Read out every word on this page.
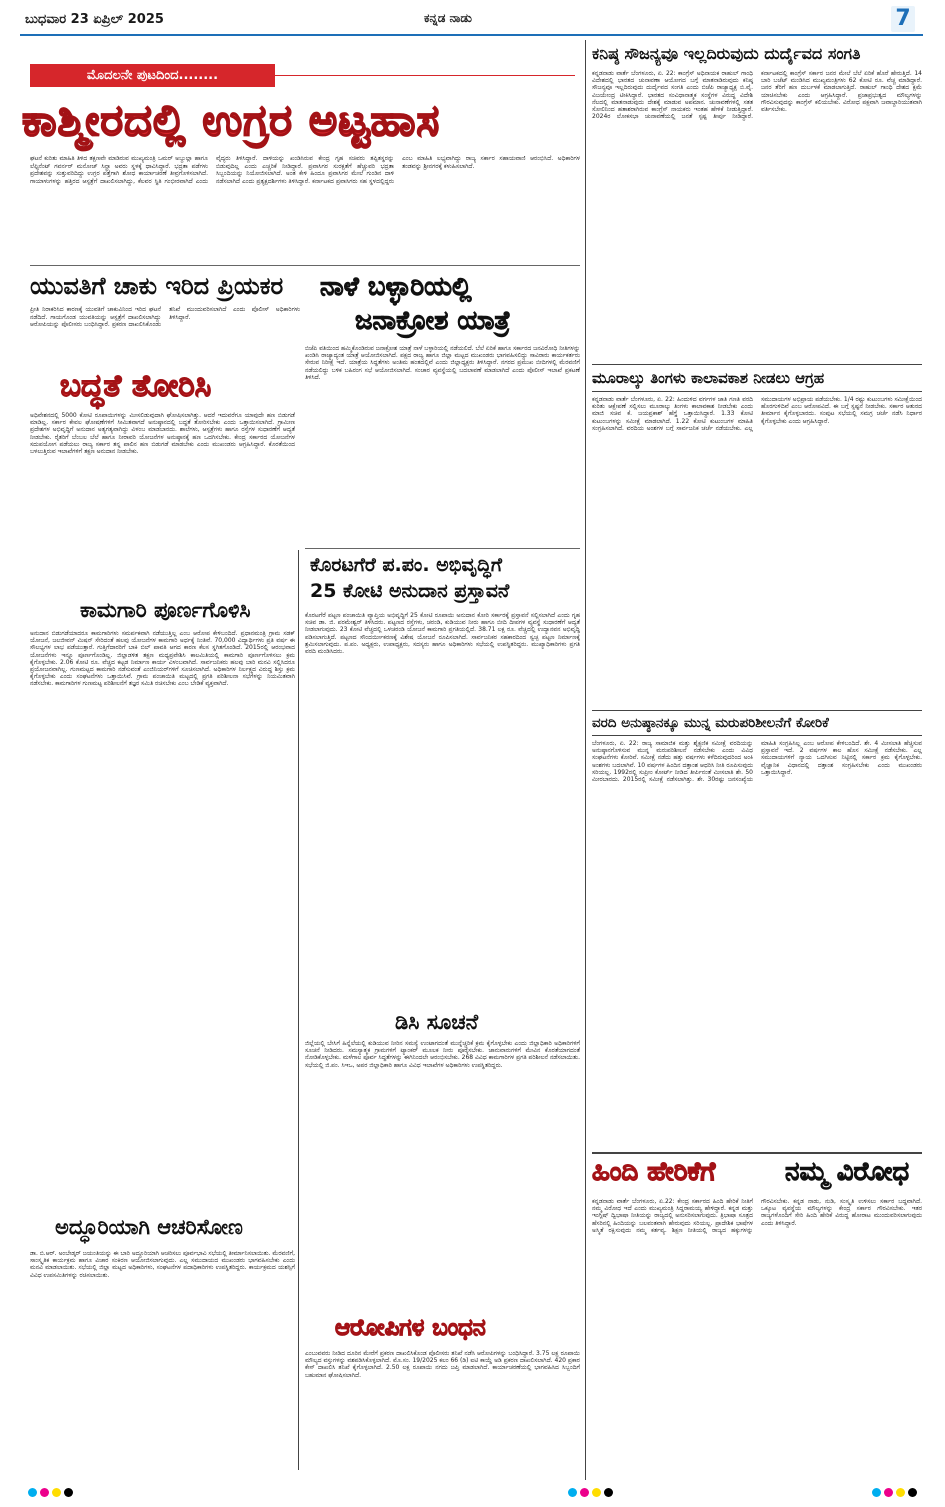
ಬುಧವಾರ 23 ಏಪ್ರಿಲ್ 2025	ಕನ್ನಡ ನಾಡು	7
ಮೊದಲನೇ ಪುಟದಿಂದ........
ಕಾಶ್ಮೀರದಲ್ಲಿ ಉಗ್ರರ ಅಟ್ಟಹಾಸ
ಘಟನೆ ಕುರಿತು ಮಾಹಿತಿ ತಿಳಿದ ತಕ್ಷಣವೇ ಮಾಡಿರುವ ಮುಖ್ಯಮಂತ್ರಿ ಒಮರ್ ಅಬ್ದುಲ್ಲಾ ಹಾಗೂ ಲೆಫ್ಟಿನೆಂಟ್ ಗವರ್ನರ್ ಮನೋಜ್ ಸಿನ್ಹಾ ಅವರು ಸ್ಥಳಕ್ಕೆ ಧಾವಿಸಿದ್ದಾರೆ. ಭದ್ರತಾ ಪಡೆಗಳು ಪ್ರದೇಶವನ್ನು ಸುತ್ತುವರಿದಿದ್ದು ಉಗ್ರರ ಪತ್ತೆಗಾಗಿ ಶೋಧ ಕಾರ್ಯಾಚರಣೆ ತೀವ್ರಗೊಳಿಸಲಾಗಿದೆ. ಗಾಯಾಳುಗಳನ್ನು ಹತ್ತಿರದ ಆಸ್ಪತ್ರೆಗೆ ದಾಖಲಿಸಲಾಗಿದ್ದು, ಕೆಲವರ ಸ್ಥಿತಿ ಗಂಭೀರವಾಗಿದೆ ಎಂದು ವೈದ್ಯರು ತಿಳಿಸಿದ್ದಾರೆ. ದಾಳಿಯನ್ನು ಖಂಡಿಸಿರುವ ಕೇಂದ್ರ ಗೃಹ ಸಚಿವರು ತಪ್ಪಿತಸ್ಥರನ್ನು ಬಿಡುವುದಿಲ್ಲ ಎಂದು ಎಚ್ಚರಿಕೆ ನೀಡಿದ್ದಾರೆ. ಪ್ರವಾಸಿಗರ ಸುರಕ್ಷತೆಗೆ ಹೆಚ್ಚುವರಿ ಭದ್ರತಾ ಸಿಬ್ಬಂದಿಯನ್ನು ನಿಯೋಜಿಸಲಾಗಿದೆ. ಅಂತ ಕೇಳಿ ಹಿಂದೂ ಪ್ರವಾಸಿಗರ ಮೇಲೆ ಗುಂಡಿನ ದಾಳಿ ನಡೆಸಲಾಗಿದೆ ಎಂದು ಪ್ರತ್ಯಕ್ಷದರ್ಶಿಗಳು ತಿಳಿಸಿದ್ದಾರೆ. ಕರ್ನಾಟಕದ ಪ್ರವಾಸಿಗರು ಸಹ ಸ್ಥಳದಲ್ಲಿದ್ದರು ಎಂಬ ಮಾಹಿತಿ ಲಭ್ಯವಾಗಿದ್ದು ರಾಜ್ಯ ಸರ್ಕಾರ ಸಹಾಯವಾಣಿ ಆರಂಭಿಸಿದೆ. ಅಧಿಕಾರಿಗಳ ತಂಡವನ್ನು ಶ್ರೀನಗರಕ್ಕೆ ಕಳುಹಿಸಲಾಗಿದೆ.
ಯುವತಿಗೆ ಚಾಕು ಇರಿದ ಪ್ರಿಯಕರ
ಪ್ರೀತಿ ನಿರಾಕರಿಸಿದ ಕಾರಣಕ್ಕೆ ಯುವತಿಗೆ ಚಾಕುವಿನಿಂದ ಇರಿದ ಘಟನೆ ನಡೆದಿದೆ. ಗಾಯಗೊಂಡ ಯುವತಿಯನ್ನು ಆಸ್ಪತ್ರೆಗೆ ದಾಖಲಿಸಲಾಗಿದ್ದು ಆರೋಪಿಯನ್ನು ಪೊಲೀಸರು ಬಂಧಿಸಿದ್ದಾರೆ. ಪ್ರಕರಣ ದಾಖಲಿಸಿಕೊಂಡು ತನಿಖೆ ಮುಂದುವರಿಸಲಾಗಿದೆ ಎಂದು ಪೊಲೀಸ್ ಅಧಿಕಾರಿಗಳು ತಿಳಿಸಿದ್ದಾರೆ.
ನಾಳೆ ಬಳ್ಳಾರಿಯಲ್ಲಿ
ಜನಾಕ್ರೋಶ ಯಾತ್ರೆ
ಬದ್ಧತೆ ತೋರಿಸಿ
ಅಧಿವೇಶನದಲ್ಲಿ 5000 ಕೋಟಿ ರೂಪಾಯಿಗಳನ್ನು ಮೀಸಲಿಡುವುದಾಗಿ ಘೋಷಿಸಲಾಗಿತ್ತು. ಆದರೆ ಇದುವರೆಗೂ ಯಾವುದೇ ಹಣ ಬಿಡುಗಡೆ ಮಾಡಿಲ್ಲ. ಸರ್ಕಾರ ಕೇವಲ ಘೋಷಣೆಗಳಿಗೆ ಸೀಮಿತವಾಗದೆ ಅನುಷ್ಠಾನದಲ್ಲಿ ಬದ್ಧತೆ ತೋರಿಸಬೇಕು ಎಂದು ಒತ್ತಾಯಿಸಲಾಗಿದೆ. ಗ್ರಾಮೀಣ ಪ್ರದೇಶಗಳ ಅಭಿವೃದ್ಧಿಗೆ ಅನುದಾನ ಅತ್ಯಗತ್ಯವಾಗಿದ್ದು ವಿಳಂಬ ಮಾಡಬಾರದು. ಶಾಲೆಗಳು, ಆಸ್ಪತ್ರೆಗಳು ಹಾಗೂ ರಸ್ತೆಗಳ ಸುಧಾರಣೆಗೆ ಆದ್ಯತೆ ನೀಡಬೇಕು. ರೈತರಿಗೆ ಬೆಂಬಲ ಬೆಲೆ ಹಾಗೂ ನೀರಾವರಿ ಯೋಜನೆಗಳ ಅನುಷ್ಠಾನಕ್ಕೆ ಹಣ ಒದಗಿಸಬೇಕು. ಕೇಂದ್ರ ಸರ್ಕಾರದ ಯೋಜನೆಗಳ ಸದುಪಯೋಗ ಪಡೆಯಲು ರಾಜ್ಯ ಸರ್ಕಾರ ತನ್ನ ಪಾಲಿನ ಹಣ ಬಿಡುಗಡೆ ಮಾಡಬೇಕು ಎಂದು ಮುಖಂಡರು ಆಗ್ರಹಿಸಿದ್ದಾರೆ. ಕೊರತೆಯಿಂದ ಬಳಲುತ್ತಿರುವ ಇಲಾಖೆಗಳಿಗೆ ತಕ್ಷಣ ಅನುದಾನ ನೀಡಬೇಕು.
ಬಿಜೆಪಿ ವತಿಯಿಂದ ಹಮ್ಮಿಕೊಂಡಿರುವ ಜನಾಕ್ರೋಶ ಯಾತ್ರೆ ನಾಳೆ ಬಳ್ಳಾರಿಯಲ್ಲಿ ನಡೆಯಲಿದೆ. ಬೆಲೆ ಏರಿಕೆ ಹಾಗೂ ಸರ್ಕಾರದ ಜನವಿರೋಧಿ ನೀತಿಗಳನ್ನು ಖಂಡಿಸಿ ರಾಜ್ಯಾದ್ಯಂತ ಯಾತ್ರೆ ಆಯೋಜಿಸಲಾಗಿದೆ. ಪಕ್ಷದ ರಾಜ್ಯ ಹಾಗೂ ಜಿಲ್ಲಾ ಮಟ್ಟದ ಮುಖಂಡರು ಭಾಗವಹಿಸಲಿದ್ದು ಸಾವಿರಾರು ಕಾರ್ಯಕರ್ತರು ಸೇರುವ ನಿರೀಕ್ಷೆ ಇದೆ. ಯಾತ್ರೆಯ ಸಿದ್ಧತೆಗಳು ಅಂತಿಮ ಹಂತದಲ್ಲಿವೆ ಎಂದು ಜಿಲ್ಲಾಧ್ಯಕ್ಷರು ತಿಳಿಸಿದ್ದಾರೆ. ನಗರದ ಪ್ರಮುಖ ಬೀದಿಗಳಲ್ಲಿ ಮೆರವಣಿಗೆ ನಡೆಯಲಿದ್ದು ಬಳಿಕ ಬಹಿರಂಗ ಸಭೆ ಆಯೋಜಿಸಲಾಗಿದೆ. ಸಂಚಾರ ವ್ಯವಸ್ಥೆಯಲ್ಲಿ ಬದಲಾವಣೆ ಮಾಡಲಾಗಿದೆ ಎಂದು ಪೊಲೀಸ್ ಇಲಾಖೆ ಪ್ರಕಟಣೆ ತಿಳಿಸಿದೆ.
ಕಾಮಗಾರಿ ಪೂರ್ಣಗೊಳಿಸಿ
ಅನುದಾನ ಬಿಡುಗಡೆಯಾದರೂ ಕಾಮಗಾರಿಗಳು ಸಮರ್ಪಕವಾಗಿ ನಡೆಯುತ್ತಿಲ್ಲ ಎಂಬ ಆರೋಪ ಕೇಳಿಬಂದಿದೆ. ಪ್ರಧಾನಮಂತ್ರಿ ಗ್ರಾಮ ಸಡಕ್ ಯೋಜನೆ, ಜಲಜೀವನ್ ಮಿಷನ್ ಸೇರಿದಂತೆ ಹಲವು ಯೋಜನೆಗಳ ಕಾಮಗಾರಿ ಅರ್ಧಕ್ಕೆ ನಿಂತಿವೆ. 70,000 ವಿದ್ಯಾರ್ಥಿಗಳು ಪ್ರತಿ ವರ್ಷ ಈ ಸೌಲಭ್ಯಗಳ ಲಾಭ ಪಡೆಯುತ್ತಾರೆ. ಗುತ್ತಿಗೆದಾರರಿಗೆ ಬಾಕಿ ಬಿಲ್ ಪಾವತಿ ಆಗದ ಕಾರಣ ಕೆಲಸ ಸ್ಥಗಿತಗೊಂಡಿದೆ. 2015ರಲ್ಲಿ ಆರಂಭವಾದ ಯೋಜನೆಗಳು ಇನ್ನೂ ಪೂರ್ಣಗೊಂಡಿಲ್ಲ. ಜಿಲ್ಲಾಡಳಿತ ತಕ್ಷಣ ಮಧ್ಯಪ್ರವೇಶಿಸಿ ಕಾಲಮಿತಿಯಲ್ಲಿ ಕಾಮಗಾರಿ ಪೂರ್ಣಗೊಳಿಸಲು ಕ್ರಮ ಕೈಗೊಳ್ಳಬೇಕು. 2.06 ಕೋಟಿ ರೂ. ವೆಚ್ಚದ ಕಟ್ಟಡ ನಿರ್ಮಾಣ ಕಾರ್ಯ ವಿಳಂಬವಾಗಿದೆ. ಸಾರ್ವಜನಿಕರು ಹಲವು ಬಾರಿ ಮನವಿ ಸಲ್ಲಿಸಿದರೂ ಪ್ರಯೋಜನವಾಗಿಲ್ಲ. ಗುಣಮಟ್ಟದ ಕಾಮಗಾರಿ ನಡೆಸುವಂತೆ ಎಂಜಿನಿಯರ್‌ಗಳಿಗೆ ಸೂಚಿಸಲಾಗಿದೆ. ಅಧಿಕಾರಿಗಳ ನಿರ್ಲಕ್ಷ್ಯದ ವಿರುದ್ಧ ಶಿಸ್ತು ಕ್ರಮ ಕೈಗೊಳ್ಳಬೇಕು ಎಂದು ಸಂಘಟನೆಗಳು ಒತ್ತಾಯಿಸಿವೆ. ಗ್ರಾಮ ಪಂಚಾಯಿತಿ ಮಟ್ಟದಲ್ಲಿ ಪ್ರಗತಿ ಪರಿಶೀಲನಾ ಸಭೆಗಳನ್ನು ನಿಯಮಿತವಾಗಿ ನಡೆಸಬೇಕು. ಕಾಮಗಾರಿಗಳ ಗುಣಮಟ್ಟ ಪರಿಶೀಲನೆಗೆ ತಜ್ಞರ ಸಮಿತಿ ರಚಿಸಬೇಕು ಎಂಬ ಬೇಡಿಕೆ ವ್ಯಕ್ತವಾಗಿದೆ.
ಅದ್ಧೂರಿಯಾಗಿ ಆಚರಿಸೋಣ
ಡಾ. ಬಿ.ಆರ್. ಅಂಬೇಡ್ಕರ್ ಜಯಂತಿಯನ್ನು ಈ ಬಾರಿ ಅದ್ಧೂರಿಯಾಗಿ ಆಚರಿಸಲು ಪೂರ್ವಭಾವಿ ಸಭೆಯಲ್ಲಿ ತೀರ್ಮಾನಿಸಲಾಯಿತು. ಮೆರವಣಿಗೆ, ಸಾಂಸ್ಕೃತಿಕ ಕಾರ್ಯಕ್ರಮ ಹಾಗೂ ವಿಚಾರ ಸಂಕಿರಣ ಆಯೋಜಿಸಲಾಗುವುದು. ಎಲ್ಲ ಸಮುದಾಯದ ಮುಖಂಡರು ಭಾಗವಹಿಸಬೇಕು ಎಂದು ಮನವಿ ಮಾಡಲಾಯಿತು. ಸಭೆಯಲ್ಲಿ ಜಿಲ್ಲಾ ಮಟ್ಟದ ಅಧಿಕಾರಿಗಳು, ಸಂಘಟನೆಗಳ ಪದಾಧಿಕಾರಿಗಳು ಉಪಸ್ಥಿತರಿದ್ದರು. ಕಾರ್ಯಕ್ರಮದ ಯಶಸ್ಸಿಗೆ ವಿವಿಧ ಉಪಸಮಿತಿಗಳನ್ನು ರಚಿಸಲಾಯಿತು.
ಕೊರಟಗೆರೆ ಪ.ಪಂ. ಅಭಿವೃದ್ಧಿಗೆ
25 ಕೋಟಿ ಅನುದಾನ ಪ್ರಸ್ತಾವನೆ
ಕೊರಟಗೆರೆ ಪಟ್ಟಣ ಪಂಚಾಯಿತಿ ವ್ಯಾಪ್ತಿಯ ಅಭಿವೃದ್ಧಿಗೆ 25 ಕೋಟಿ ರೂಪಾಯಿ ಅನುದಾನ ಕೋರಿ ಸರ್ಕಾರಕ್ಕೆ ಪ್ರಸ್ತಾವನೆ ಸಲ್ಲಿಸಲಾಗಿದೆ ಎಂದು ಗೃಹ ಸಚಿವ ಡಾ. ಜಿ. ಪರಮೇಶ್ವರ್ ತಿಳಿಸಿದರು. ಪಟ್ಟಣದ ರಸ್ತೆಗಳು, ಚರಂಡಿ, ಕುಡಿಯುವ ನೀರು ಹಾಗೂ ಬೀದಿ ದೀಪಗಳ ವ್ಯವಸ್ಥೆ ಸುಧಾರಣೆಗೆ ಆದ್ಯತೆ ನೀಡಲಾಗುವುದು. 23 ಕೋಟಿ ವೆಚ್ಚದಲ್ಲಿ ಒಳಚರಂಡಿ ಯೋಜನೆ ಕಾಮಗಾರಿ ಪ್ರಗತಿಯಲ್ಲಿದೆ. 38.71 ಲಕ್ಷ ರೂ. ವೆಚ್ಚದಲ್ಲಿ ಉದ್ಯಾನವನ ಅಭಿವೃದ್ಧಿ ಪಡಿಸಲಾಗುತ್ತಿದೆ. ಪಟ್ಟಣದ ಸೌಂದರ್ಯೀಕರಣಕ್ಕೆ ವಿಶೇಷ ಯೋಜನೆ ರೂಪಿಸಲಾಗಿದೆ. ಸಾರ್ವಜನಿಕರ ಸಹಕಾರದಿಂದ ಸ್ವಚ್ಛ ಪಟ್ಟಣ ನಿರ್ಮಾಣಕ್ಕೆ ಶ್ರಮಿಸಲಾಗುವುದು. ಪ.ಪಂ. ಅಧ್ಯಕ್ಷರು, ಉಪಾಧ್ಯಕ್ಷರು, ಸದಸ್ಯರು ಹಾಗೂ ಅಧಿಕಾರಿಗಳು ಸಭೆಯಲ್ಲಿ ಉಪಸ್ಥಿತರಿದ್ದರು. ಮುಖ್ಯಾಧಿಕಾರಿಗಳು ಪ್ರಗತಿ ವರದಿ ಮಂಡಿಸಿದರು.
ಡಿಸಿ ಸೂಚನೆ
ಜಿಲ್ಲೆಯಲ್ಲಿ ಬೇಸಿಗೆ ಹಿನ್ನೆಲೆಯಲ್ಲಿ ಕುಡಿಯುವ ನೀರಿನ ಸಮಸ್ಯೆ ಉಂಟಾಗದಂತೆ ಮುನ್ನೆಚ್ಚರಿಕೆ ಕ್ರಮ ಕೈಗೊಳ್ಳಬೇಕು ಎಂದು ಜಿಲ್ಲಾಧಿಕಾರಿ ಅಧಿಕಾರಿಗಳಿಗೆ ಸೂಚನೆ ನೀಡಿದರು. ಸಮಸ್ಯಾತ್ಮಕ ಗ್ರಾಮಗಳಿಗೆ ಟ್ಯಾಂಕರ್ ಮೂಲಕ ನೀರು ಪೂರೈಸಬೇಕು. ಜಾನುವಾರುಗಳಿಗೆ ಮೇವಿನ ಕೊರತೆಯಾಗದಂತೆ ನೋಡಿಕೊಳ್ಳಬೇಕು. ಮಳೆಗಾಲ ಪೂರ್ವ ಸಿದ್ಧತೆಗಳನ್ನು ಈಗಿನಿಂದಲೇ ಆರಂಭಿಸಬೇಕು. 268 ವಿವಿಧ ಕಾಮಗಾರಿಗಳ ಪ್ರಗತಿ ಪರಿಶೀಲನೆ ನಡೆಸಲಾಯಿತು. ಸಭೆಯಲ್ಲಿ ಜಿ.ಪಂ. ಸಿಇಒ, ಅಪರ ಜಿಲ್ಲಾಧಿಕಾರಿ ಹಾಗೂ ವಿವಿಧ ಇಲಾಖೆಗಳ ಅಧಿಕಾರಿಗಳು ಉಪಸ್ಥಿತರಿದ್ದರು.
ಆರೋಪಿಗಳ ಬಂಧನ
ಎಂಬುವವರು ನೀಡಿದ ದೂರಿನ ಮೇರೆಗೆ ಪ್ರಕರಣ ದಾಖಲಿಸಿಕೊಂಡ ಪೊಲೀಸರು ತನಿಖೆ ನಡೆಸಿ ಆರೋಪಿಗಳನ್ನು ಬಂಧಿಸಿದ್ದಾರೆ. 3.75 ಲಕ್ಷ ರೂಪಾಯಿ ಮೌಲ್ಯದ ವಸ್ತುಗಳನ್ನು ವಶಪಡಿಸಿಕೊಳ್ಳಲಾಗಿದೆ. ಮೊ.ಸಂ. 19/2025 ಕಲಂ 66 (ಡಿ) ಐಟಿ ಕಾಯ್ದೆ ಅಡಿ ಪ್ರಕರಣ ದಾಖಲಿಸಲಾಗಿದೆ. 420 ಪ್ರಕಾರ ಕೇಸ್ ದಾಖಲಿಸಿ ತನಿಖೆ ಕೈಗೊಳ್ಳಲಾಗಿದೆ. 2.50 ಲಕ್ಷ ರೂಪಾಯಿ ನಗದು ಜಪ್ತಿ ಮಾಡಲಾಗಿದೆ. ಕಾರ್ಯಾಚರಣೆಯಲ್ಲಿ ಭಾಗವಹಿಸಿದ ಸಿಬ್ಬಂದಿಗೆ ಬಹುಮಾನ ಘೋಷಿಸಲಾಗಿದೆ.
ಕನಿಷ್ಠ ಸೌಜನ್ಯವೂ ಇಲ್ಲದಿರುವುದು ದುರ್ದೈವದ ಸಂಗತಿ
ಕನ್ನಡನಾಡು ವಾರ್ತೆ ಬೆಂಗಳೂರು, ಏ. 22: ಕಾಂಗ್ರೆಸ್ ಅಧಿನಾಯಕ ರಾಹುಲ್ ಗಾಂಧಿ ವಿದೇಶದಲ್ಲಿ ಭಾರತದ ಚುನಾವಣಾ ಆಯೋಗದ ಬಗ್ಗೆ ಮಾತನಾಡಿರುವುದು ಕನಿಷ್ಠ ಸೌಜನ್ಯವೂ ಇಲ್ಲದಿರುವುದು ದುರ್ದೈವದ ಸಂಗತಿ ಎಂದು ಬಿಜೆಪಿ ರಾಜ್ಯಾಧ್ಯಕ್ಷ ಬಿ.ವೈ. ವಿಜಯೇಂದ್ರ ಟೀಕಿಸಿದ್ದಾರೆ. ಭಾರತದ ಸಂವಿಧಾನಾತ್ಮಕ ಸಂಸ್ಥೆಗಳ ವಿರುದ್ಧ ವಿದೇಶಿ ನೆಲದಲ್ಲಿ ಮಾತನಾಡುವುದು ದೇಶಕ್ಕೆ ಮಾಡುವ ಅಪಮಾನ. ಚುನಾವಣೆಗಳಲ್ಲಿ ಸತತ ಸೋಲಿನಿಂದ ಹತಾಶರಾಗಿರುವ ಕಾಂಗ್ರೆಸ್ ನಾಯಕರು ಇಂತಹ ಹೇಳಿಕೆ ನೀಡುತ್ತಿದ್ದಾರೆ. 2024ರ ಲೋಕಸಭಾ ಚುನಾವಣೆಯಲ್ಲಿ ಜನತೆ ಸ್ಪಷ್ಟ ತೀರ್ಪು ನೀಡಿದ್ದಾರೆ. ಕರ್ನಾಟಕದಲ್ಲಿ ಕಾಂಗ್ರೆಸ್ ಸರ್ಕಾರ ಜನರ ಮೇಲೆ ಬೆಲೆ ಏರಿಕೆ ಹೊರೆ ಹೇರುತ್ತಿದೆ. 14 ಬಾರಿ ಬಜೆಟ್ ಮಂಡಿಸಿದ ಮುಖ್ಯಮಂತ್ರಿಗಳು 62 ಕೋಟಿ ರೂ. ವೆಚ್ಚ ಮಾಡಿದ್ದಾರೆ. ಜನರ ತೆರಿಗೆ ಹಣ ದುರ್ಬಳಕೆ ಮಾಡಲಾಗುತ್ತಿದೆ. ರಾಹುಲ್ ಗಾಂಧಿ ದೇಶದ ಕ್ಷಮೆ ಯಾಚಿಸಬೇಕು ಎಂದು ಆಗ್ರಹಿಸಿದ್ದಾರೆ. ಪ್ರಜಾಪ್ರಭುತ್ವದ ಮೌಲ್ಯಗಳನ್ನು ಗೌರವಿಸುವುದನ್ನು ಕಾಂಗ್ರೆಸ್ ಕಲಿಯಬೇಕು. ವಿರೋಧ ಪಕ್ಷವಾಗಿ ಜವಾಬ್ದಾರಿಯುತವಾಗಿ ವರ್ತಿಸಬೇಕು.
ಮೂರಾಲ್ಕು ತಿಂಗಳು ಕಾಲಾವಕಾಶ ನೀಡಲು ಆಗ್ರಹ
ಕನ್ನಡನಾಡು ವಾರ್ತೆ ಬೆಂಗಳೂರು, ಏ. 22: ಹಿಂದುಳಿದ ವರ್ಗಗಳ ಜಾತಿ ಗಣತಿ ವರದಿ ಕುರಿತು ಆಕ್ಷೇಪಣೆ ಸಲ್ಲಿಸಲು ಮೂರಾಲ್ಕು ತಿಂಗಳು ಕಾಲಾವಕಾಶ ನೀಡಬೇಕು ಎಂದು ಮಾಜಿ ಸಚಿವ ಕೆ. ಜಯಪ್ರಕಾಶ್ ಹೆಗ್ಡೆ ಒತ್ತಾಯಿಸಿದ್ದಾರೆ. 1.33 ಕೋಟಿ ಕುಟುಂಬಗಳನ್ನು ಸಮೀಕ್ಷೆ ಮಾಡಲಾಗಿದೆ. 1.22 ಕೋಟಿ ಕುಟುಂಬಗಳ ಮಾಹಿತಿ ಸಂಗ್ರಹಿಸಲಾಗಿದೆ. ವರದಿಯ ಅಂಶಗಳ ಬಗ್ಗೆ ಸಾರ್ವಜನಿಕ ಚರ್ಚೆ ನಡೆಯಬೇಕು. ಎಲ್ಲ ಸಮುದಾಯಗಳ ಅಭಿಪ್ರಾಯ ಪಡೆಯಬೇಕು. 1/4 ರಷ್ಟು ಕುಟುಂಬಗಳು ಸಮೀಕ್ಷೆಯಿಂದ ಹೊರಗುಳಿದಿವೆ ಎಂಬ ಆರೋಪವಿದೆ. ಈ ಬಗ್ಗೆ ಸ್ಪಷ್ಟನೆ ನೀಡಬೇಕು. ಸರ್ಕಾರ ಆತುರದ ತೀರ್ಮಾನ ಕೈಗೊಳ್ಳಬಾರದು. ಸಂಪುಟ ಸಭೆಯಲ್ಲಿ ಸಮಗ್ರ ಚರ್ಚೆ ನಡೆಸಿ ನಿರ್ಧಾರ ಕೈಗೊಳ್ಳಬೇಕು ಎಂದು ಆಗ್ರಹಿಸಿದ್ದಾರೆ.
ವರದಿ ಅನುಷ್ಠಾನಕ್ಕೂ ಮುನ್ನ ಮರುಪರಿಶೀಲನೆಗೆ ಕೋರಿಕೆ
ಬೆಂಗಳೂರು, ಏ. 22: ರಾಜ್ಯ ಸಾಮಾಜಿಕ ಮತ್ತು ಶೈಕ್ಷಣಿಕ ಸಮೀಕ್ಷೆ ವರದಿಯನ್ನು ಅನುಷ್ಠಾನಗೊಳಿಸುವ ಮುನ್ನ ಮರುಪರಿಶೀಲನೆ ನಡೆಸಬೇಕು ಎಂದು ವಿವಿಧ ಸಂಘಟನೆಗಳು ಕೋರಿವೆ. ಸಮೀಕ್ಷೆ ನಡೆದು ಹತ್ತು ವರ್ಷಗಳು ಕಳೆದಿರುವುದರಿಂದ ಅಂಕಿ ಅಂಶಗಳು ಬದಲಾಗಿವೆ. 10 ವರ್ಷಗಳ ಹಿಂದಿನ ದತ್ತಾಂಶ ಆಧರಿಸಿ ನೀತಿ ರೂಪಿಸುವುದು ಸರಿಯಲ್ಲ. 1992ರಲ್ಲಿ ಸುಪ್ರೀಂ ಕೋರ್ಟ್ ನೀಡಿದ ತೀರ್ಪಿನಂತೆ ಮೀಸಲಾತಿ ಶೇ. 50 ಮೀರಬಾರದು. 2015ರಲ್ಲಿ ಸಮೀಕ್ಷೆ ನಡೆಸಲಾಗಿತ್ತು. ಶೇ. 30ರಷ್ಟು ಜನಸಂಖ್ಯೆಯ ಮಾಹಿತಿ ಸಂಗ್ರಹಿಸಿಲ್ಲ ಎಂಬ ಆರೋಪ ಕೇಳಿಬಂದಿದೆ. ಶೇ. 4 ಮೀಸಲಾತಿ ಹೆಚ್ಚಿಸುವ ಪ್ರಸ್ತಾವನೆ ಇದೆ. 2 ವರ್ಷಗಳ ಕಾಲ ಹೊಸ ಸಮೀಕ್ಷೆ ನಡೆಸಬೇಕು. ಎಲ್ಲ ಸಮುದಾಯಗಳಿಗೆ ನ್ಯಾಯ ಒದಗಿಸುವ ನಿಟ್ಟಿನಲ್ಲಿ ಸರ್ಕಾರ ಕ್ರಮ ಕೈಗೊಳ್ಳಬೇಕು. ವೈಜ್ಞಾನಿಕ ವಿಧಾನದಲ್ಲಿ ದತ್ತಾಂಶ ಸಂಗ್ರಹಿಸಬೇಕು ಎಂದು ಮುಖಂಡರು ಒತ್ತಾಯಿಸಿದ್ದಾರೆ.
ಹಿಂದಿ ಹೇರಿಕೆಗೆ	ನಮ್ಮ ವಿರೋಧ
ಕನ್ನಡನಾಡು ವಾರ್ತೆ ಬೆಂಗಳೂರು, ಏ.22: ಕೇಂದ್ರ ಸರ್ಕಾರದ ಹಿಂದಿ ಹೇರಿಕೆ ನೀತಿಗೆ ನಮ್ಮ ವಿರೋಧ ಇದೆ ಎಂದು ಮುಖ್ಯಮಂತ್ರಿ ಸಿದ್ದರಾಮಯ್ಯ ಹೇಳಿದ್ದಾರೆ. ಕನ್ನಡ ಮತ್ತು ಇಂಗ್ಲಿಷ್ ದ್ವಿಭಾಷಾ ನೀತಿಯನ್ನು ರಾಜ್ಯದಲ್ಲಿ ಅನುಸರಿಸಲಾಗುವುದು. ತ್ರಿಭಾಷಾ ಸೂತ್ರದ ಹೆಸರಿನಲ್ಲಿ ಹಿಂದಿಯನ್ನು ಬಲವಂತವಾಗಿ ಹೇರುವುದು ಸರಿಯಲ್ಲ. ಪ್ರಾದೇಶಿಕ ಭಾಷೆಗಳ ಅಸ್ಮಿತೆ ರಕ್ಷಿಸುವುದು ನಮ್ಮ ಕರ್ತವ್ಯ. ಶಿಕ್ಷಣ ನೀತಿಯಲ್ಲಿ ರಾಜ್ಯದ ಹಕ್ಕುಗಳನ್ನು ಗೌರವಿಸಬೇಕು. ಕನ್ನಡ ನಾಡು, ನುಡಿ, ಸಂಸ್ಕೃತಿ ಉಳಿಸಲು ಸರ್ಕಾರ ಬದ್ಧವಾಗಿದೆ. ಒಕ್ಕೂಟ ವ್ಯವಸ್ಥೆಯ ಮೌಲ್ಯಗಳನ್ನು ಕೇಂದ್ರ ಸರ್ಕಾರ ಗೌರವಿಸಬೇಕು. ಇತರ ರಾಜ್ಯಗಳೊಂದಿಗೆ ಸೇರಿ ಹಿಂದಿ ಹೇರಿಕೆ ವಿರುದ್ಧ ಹೋರಾಟ ಮುಂದುವರಿಸಲಾಗುವುದು ಎಂದು ತಿಳಿಸಿದ್ದಾರೆ.
